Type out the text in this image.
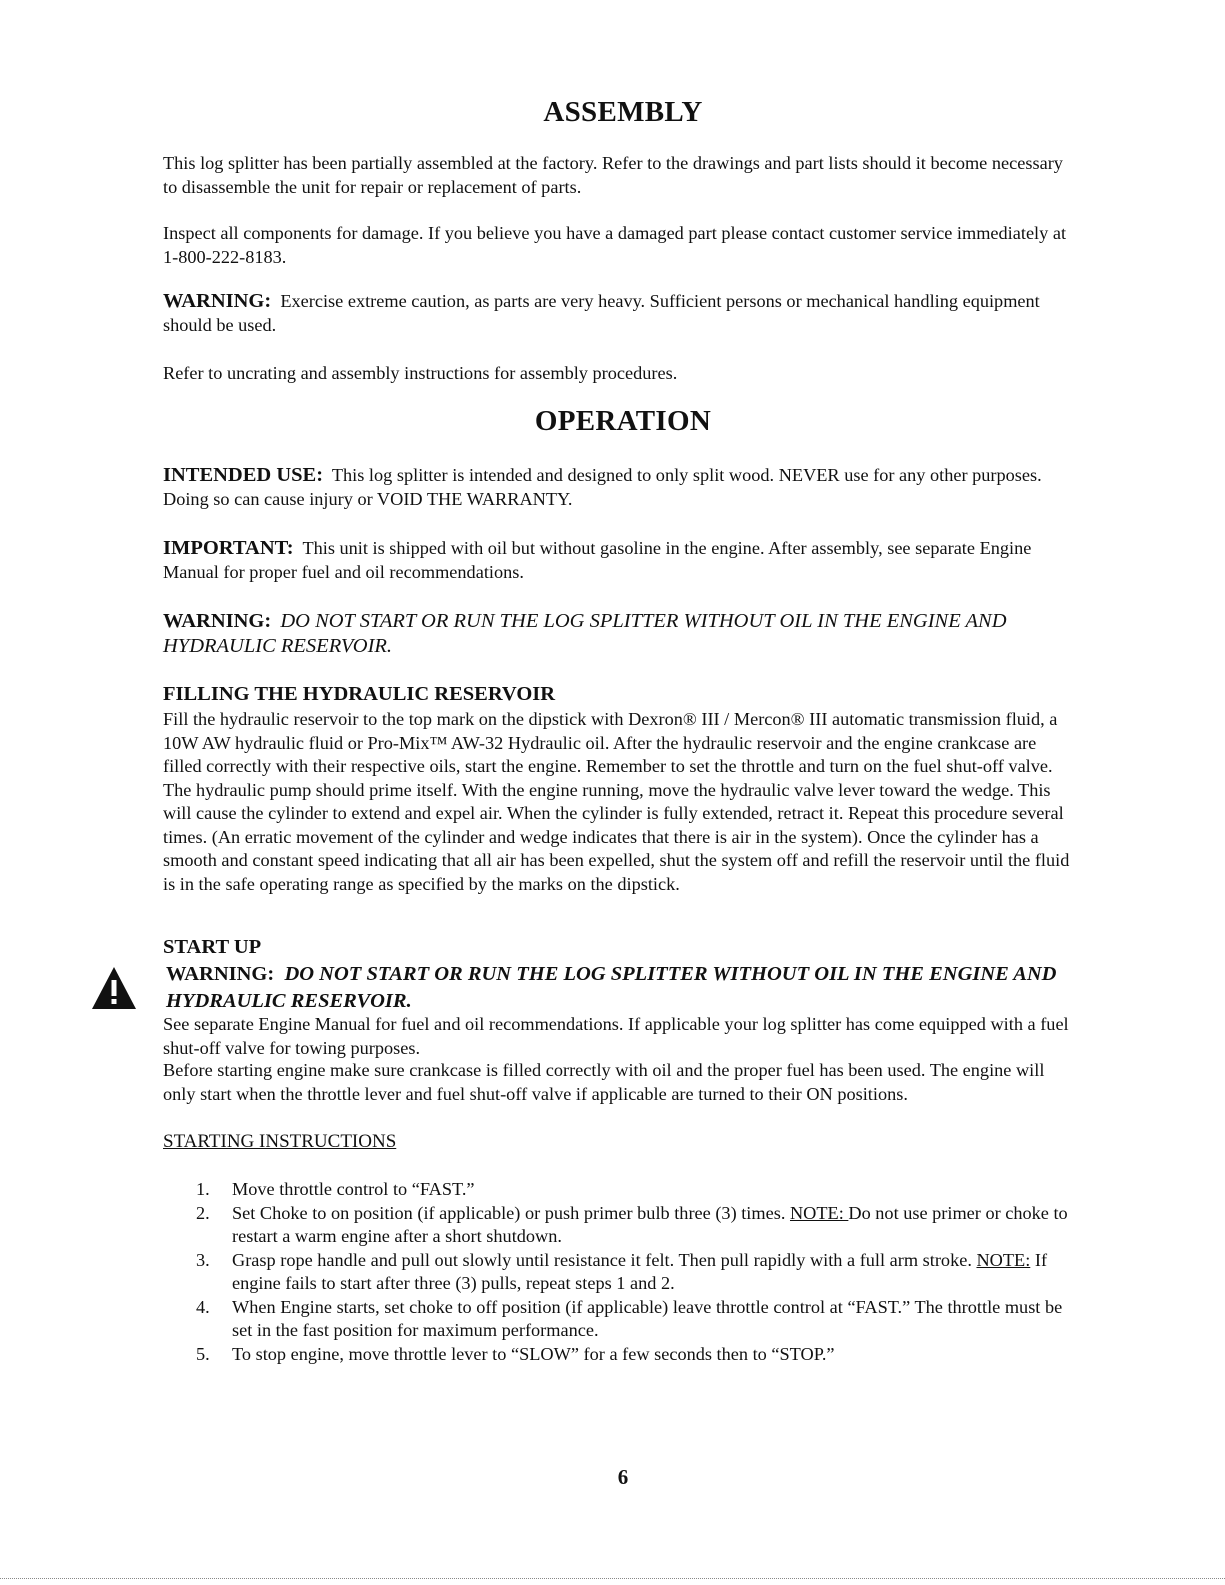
ASSEMBLY

This log splitter has been partially assembled at the factory. Refer to the drawings and part lists should it become necessary to disassemble the unit for repair or replacement of parts.

Inspect all components for damage. If you believe you have a damaged part please contact customer service immediately at 1-800-222-8183.

WARNING: Exercise extreme caution, as parts are very heavy. Sufficient persons or mechanical handling equipment should be used.

Refer to uncrating and assembly instructions for assembly procedures.

OPERATION

INTENDED USE: This log splitter is intended and designed to only split wood. NEVER use for any other purposes. Doing so can cause injury or VOID THE WARRANTY.

IMPORTANT: This unit is shipped with oil but without gasoline in the engine. After assembly, see separate Engine Manual for proper fuel and oil recommendations.

WARNING: DO NOT START OR RUN THE LOG SPLITTER WITHOUT OIL IN THE ENGINE AND HYDRAULIC RESERVOIR.

FILLING THE HYDRAULIC RESERVOIR

Fill the hydraulic reservoir to the top mark on the dipstick with Dexron® III / Mercon® III automatic transmission fluid, a 10W AW hydraulic fluid or Pro-Mix™ AW-32 Hydraulic oil. After the hydraulic reservoir and the engine crankcase are filled correctly with their respective oils, start the engine. Remember to set the throttle and turn on the fuel shut-off valve. The hydraulic pump should prime itself. With the engine running, move the hydraulic valve lever toward the wedge. This will cause the cylinder to extend and expel air. When the cylinder is fully extended, retract it. Repeat this procedure several times. (An erratic movement of the cylinder and wedge indicates that there is air in the system). Once the cylinder has a smooth and constant speed indicating that all air has been expelled, shut the system off and refill the reservoir until the fluid is in the safe operating range as specified by the marks on the dipstick.

START UP
WARNING: DO NOT START OR RUN THE LOG SPLITTER WITHOUT OIL IN THE ENGINE AND HYDRAULIC RESERVOIR.

See separate Engine Manual for fuel and oil recommendations. If applicable your log splitter has come equipped with a fuel shut-off valve for towing purposes.

Before starting engine make sure crankcase is filled correctly with oil and the proper fuel has been used. The engine will only start when the throttle lever and fuel shut-off valve if applicable are turned to their ON positions.

STARTING INSTRUCTIONS
1. Move throttle control to “FAST.”
2. Set Choke to on position (if applicable) or push primer bulb three (3) times. NOTE: Do not use primer or choke to restart a warm engine after a short shutdown.
3. Grasp rope handle and pull out slowly until resistance it felt. Then pull rapidly with a full arm stroke. NOTE: If engine fails to start after three (3) pulls, repeat steps 1 and 2.
4. When Engine starts, set choke to off position (if applicable) leave throttle control at “FAST.” The throttle must be set in the fast position for maximum performance.
5. To stop engine, move throttle lever to “SLOW” for a few seconds then to “STOP.”
6
